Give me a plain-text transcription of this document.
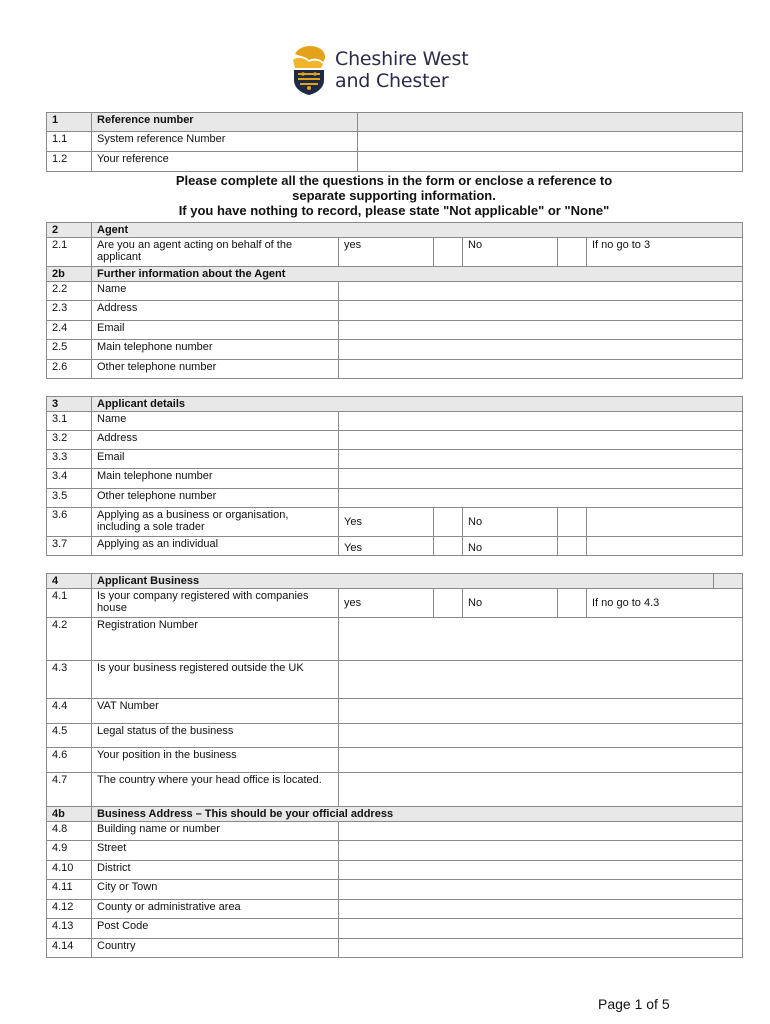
Cheshire West
and Chester
1	Reference number	
1.1	System reference Number	
1.2	Your reference	
Please complete all the questions in the form or enclose a reference to
separate supporting information.
If you have nothing to record, please state "Not applicable" or "None"
2	Agent					
2.1	Are you an agent acting on behalf of the applicant	yes		No		If no go to 3
2b	Further information about the Agent					
2.2	Name					
2.3	Address					
2.4	Email					
2.5	Main telephone number					
2.6	Other telephone number					
3	Applicant details					
3.1	Name					
3.2	Address					
3.3	Email					
3.4	Main telephone number					
3.5	Other telephone number					
3.6	Applying as a business or organisation, including a sole trader	Yes		No		
3.7	Applying as an individual	Yes		No		
4	Applicant Business						
4.1	Is your company registered with companies house	yes		No		If no go to 4.3	
4.2	Registration Number						
4.3	Is your business registered outside the UK						
4.4	VAT Number						
4.5	Legal status of the business						
4.6	Your position in the business						
4.7	The country where your head office is located.						
4b	Business Address – This should be your official address						
4.8	Building name or number						
4.9	Street						
4.10	District						
4.11	City or Town						
4.12	County or administrative area						
4.13	Post Code						
4.14	Country						
Page 1 of 5
